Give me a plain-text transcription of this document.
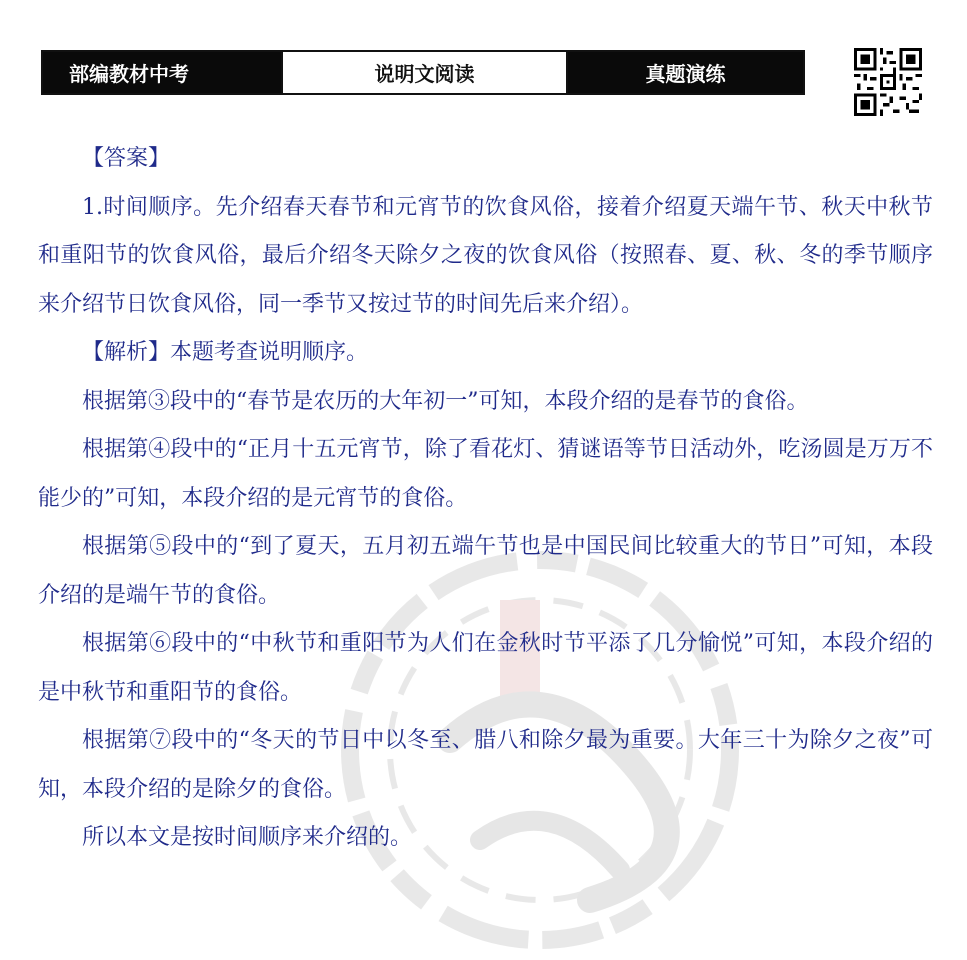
部编教材中考	说明文阅读	真题演练

【答案】

1.时间顺序。先介绍春天春节和元宵节的饮食风俗，接着介绍夏天端午节、秋天中秋节和重阳节的饮食风俗，最后介绍冬天除夕之夜的饮食风俗（按照春、夏、秋、冬的季节顺序来介绍节日饮食风俗，同一季节又按过节的时间先后来介绍）。

【解析】本题考查说明顺序。

根据第③段中的“春节是农历的大年初一”可知，本段介绍的是春节的食俗。

根据第④段中的“正月十五元宵节，除了看花灯、猜谜语等节日活动外，吃汤圆是万万不能少的”可知，本段介绍的是元宵节的食俗。

根据第⑤段中的“到了夏天，五月初五端午节也是中国民间比较重大的节日”可知，本段介绍的是端午节的食俗。

根据第⑥段中的“中秋节和重阳节为人们在金秋时节平添了几分愉悦”可知，本段介绍的是中秋节和重阳节的食俗。

根据第⑦段中的“冬天的节日中以冬至、腊八和除夕最为重要。大年三十为除夕之夜”可知，本段介绍的是除夕的食俗。

所以本文是按时间顺序来介绍的。
